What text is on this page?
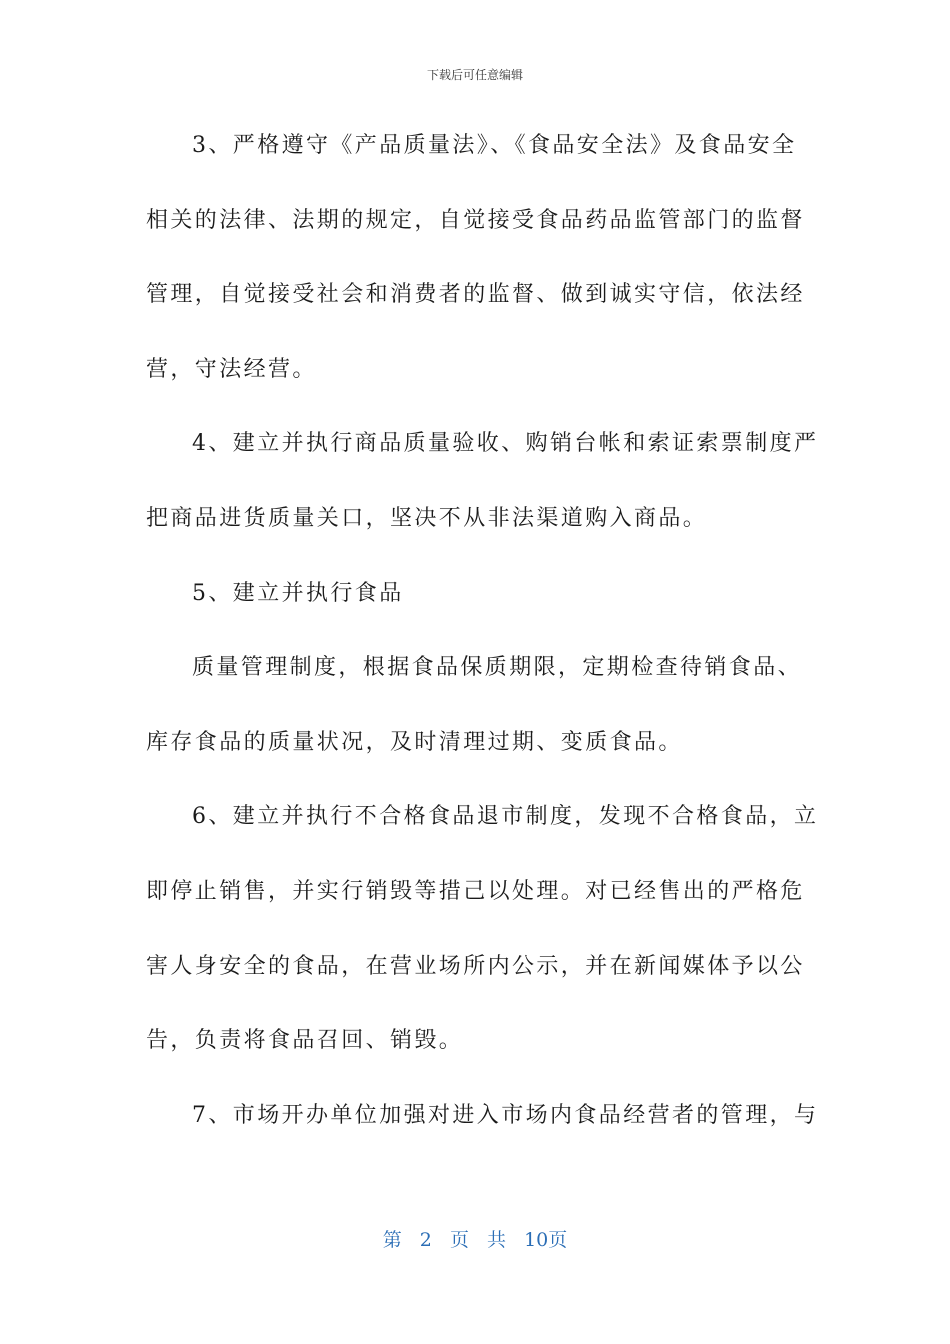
下载后可任意编辑
3、严格遵守《产品质量法》、《食品安全法》及食品安全
相关的法律、法期的规定，自觉接受食品药品监管部门的监督
管理，自觉接受社会和消费者的监督、做到诚实守信，依法经
营，守法经营。
4、建立并执行商品质量验收、购销台帐和索证索票制度严
把商品进货质量关口，坚决不从非法渠道购入商品。
5、建立并执行食品
质量管理制度，根据食品保质期限，定期检查待销食品、
库存食品的质量状况，及时清理过期、变质食品。
6、建立并执行不合格食品退市制度，发现不合格食品，立
即停止销售，并实行销毁等措己以处理。对已经售出的严格危
害人身安全的食品，在营业场所内公示，并在新闻媒体予以公
告，负责将食品召回、销毁。
7、市场开办单位加强对进入市场内食品经营者的管理，与
第 2 页 共 10页
